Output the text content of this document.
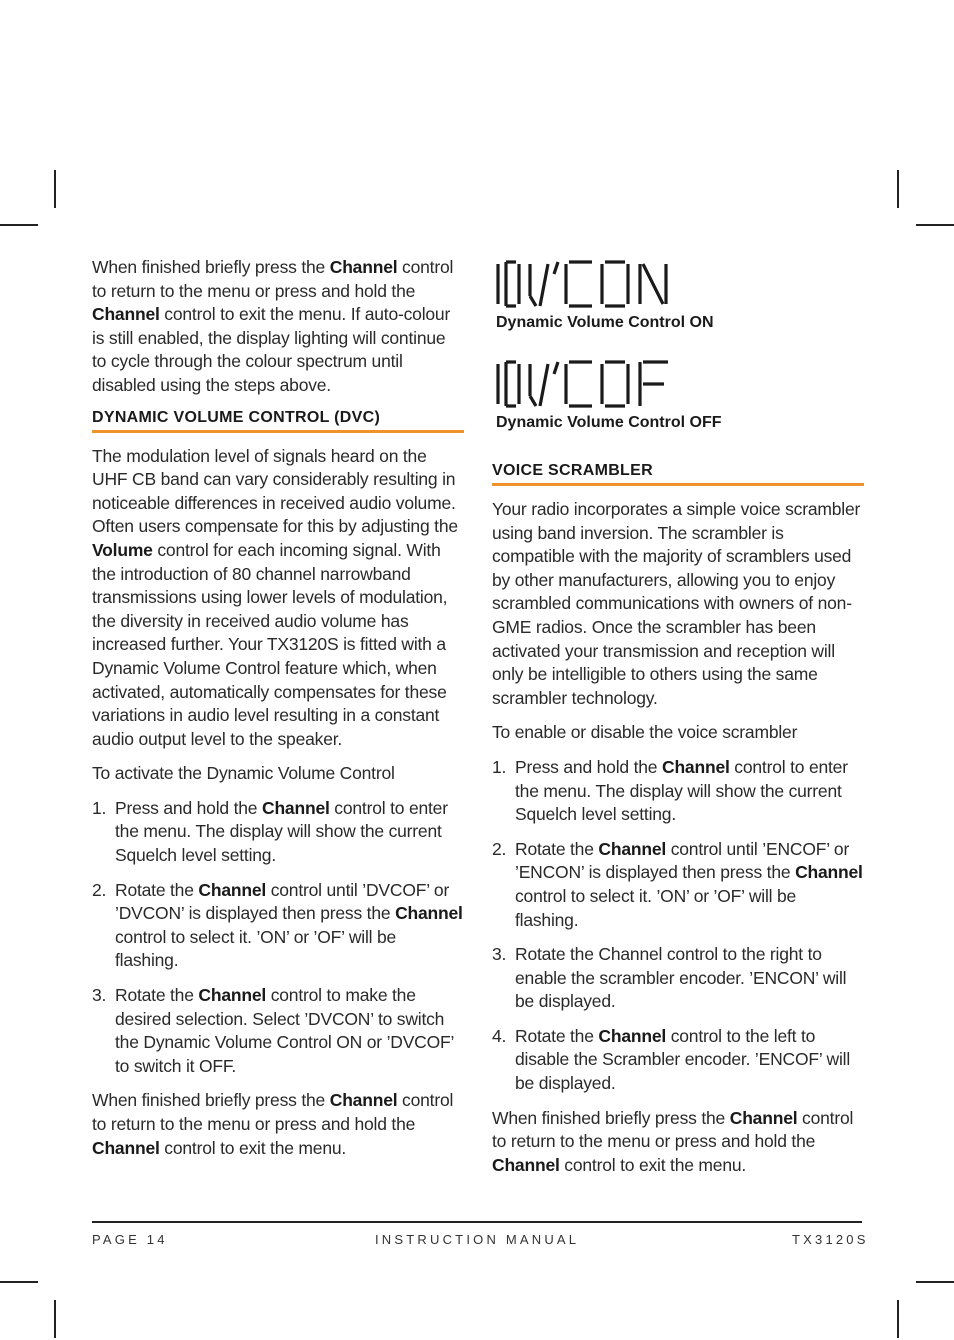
When finished briefly press the Channel control to return to the menu or press and hold the Channel control to exit the menu. If auto-colour is still enabled, the display lighting will continue to cycle through the colour spectrum until disabled using the steps above.

DYNAMIC VOLUME CONTROL (DVC)

The modulation level of signals heard on the UHF CB band can vary considerably resulting in noticeable differences in received audio volume. Often users compensate for this by adjusting the Volume control for each incoming signal. With the introduction of 80 channel narrowband transmissions using lower levels of modulation, the diversity in received audio volume has increased further. Your TX3120S is fitted with a Dynamic Volume Control feature which, when activated, automatically compensates for these variations in audio level resulting in a constant audio output level to the speaker.

To activate the Dynamic Volume Control

1. Press and hold the Channel control to enter the menu. The display will show the current Squelch level setting.
2. Rotate the Channel control until ’DVCOF’ or ’DVCON’ is displayed then press the Channel control to select it. ’ON’ or ’OF’ will be flashing.
3. Rotate the Channel control to make the desired selection. Select ’DVCON’ to switch the Dynamic Volume Control ON or ’DVCOF’ to switch it OFF.

When finished briefly press the Channel control to return to the menu or press and hold the Channel control to exit the menu.

DVCON
Dynamic Volume Control ON
DVCOF
Dynamic Volume Control OFF
VOICE SCRAMBLER

Your radio incorporates a simple voice scrambler using band inversion. The scrambler is compatible with the majority of scramblers used by other manufacturers, allowing you to enjoy scrambled communications with owners of non-GME radios. Once the scrambler has been activated your transmission and reception will only be intelligible to others using the same scrambler technology.

To enable or disable the voice scrambler

1. Press and hold the Channel control to enter the menu. The display will show the current Squelch level setting.
2. Rotate the Channel control until ’ENCOF’ or ’ENCON’ is displayed then press the Channel control to select it. ’ON’ or ’OF’ will be flashing.
3. Rotate the Channel control to the right to enable the scrambler encoder. ’ENCON’ will be displayed.
4. Rotate the Channel control to the left to disable the Scrambler encoder. ’ENCOF’ will be displayed.

When finished briefly press the Channel control to return to the menu or press and hold the Channel control to exit the menu.

PAGE 14	INSTRUCTION MANUAL	TX3120S
